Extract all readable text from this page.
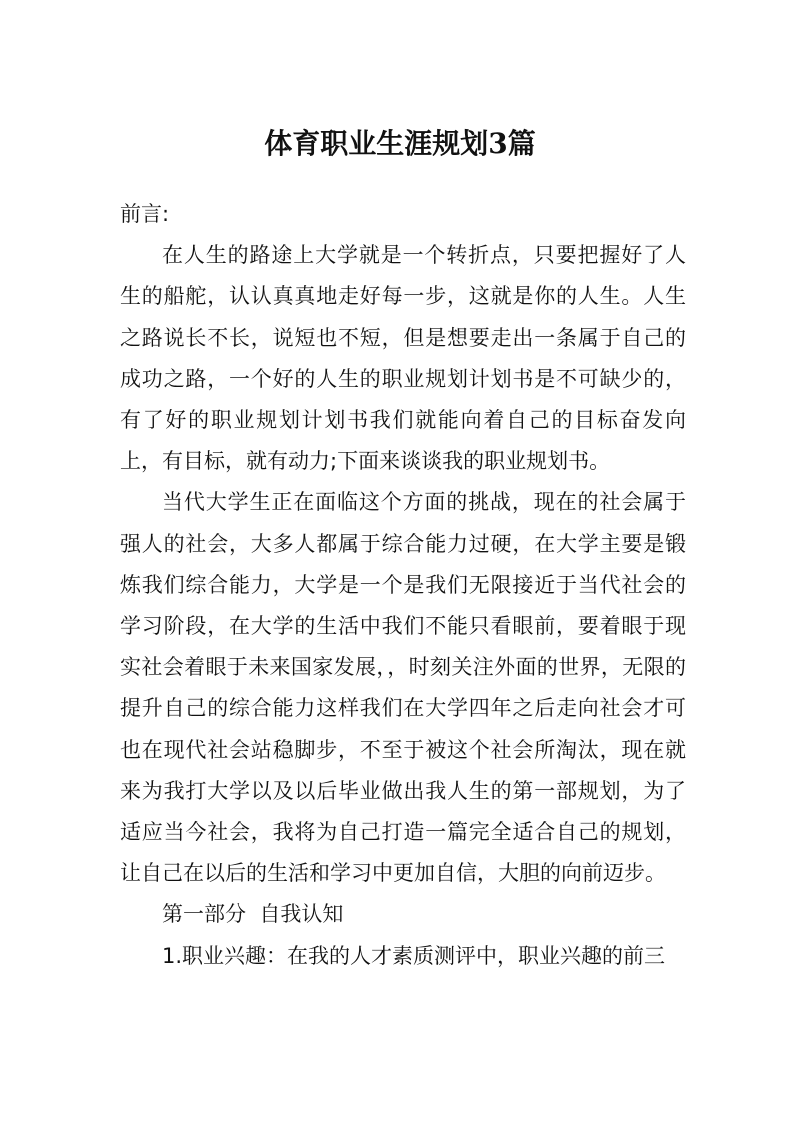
体育职业生涯规划3篇

前言:

在人生的路途上大学就是一个转折点，只要把握好了人生的船舵，认认真真地走好每一步，这就是你的人生。人生之路说长不长，说短也不短，但是想要走出一条属于自己的成功之路，一个好的人生的职业规划计划书是不可缺少的，有了好的职业规划计划书我们就能向着自己的目标奋发向上，有目标，就有动力;下面来谈谈我的职业规划书。

当代大学生正在面临这个方面的挑战，现在的社会属于强人的社会，大多人都属于综合能力过硬，在大学主要是锻炼我们综合能力，大学是一个是我们无限接近于当代社会的学习阶段，在大学的生活中我们不能只看眼前，要着眼于现实社会着眼于未来国家发展，，时刻关注外面的世界，无限的提升自己的综合能力这样我们在大学四年之后走向社会才可也在现代社会站稳脚步，不至于被这个社会所淘汰，现在就来为我打大学以及以后毕业做出我人生的第一部规划，为了适应当今社会，我将为自己打造一篇完全适合自己的规划，让自己在以后的生活和学习中更加自信，大胆的向前迈步。

第一部分  自我认知

1.职业兴趣：在我的人才素质测评中，职业兴趣的前三
